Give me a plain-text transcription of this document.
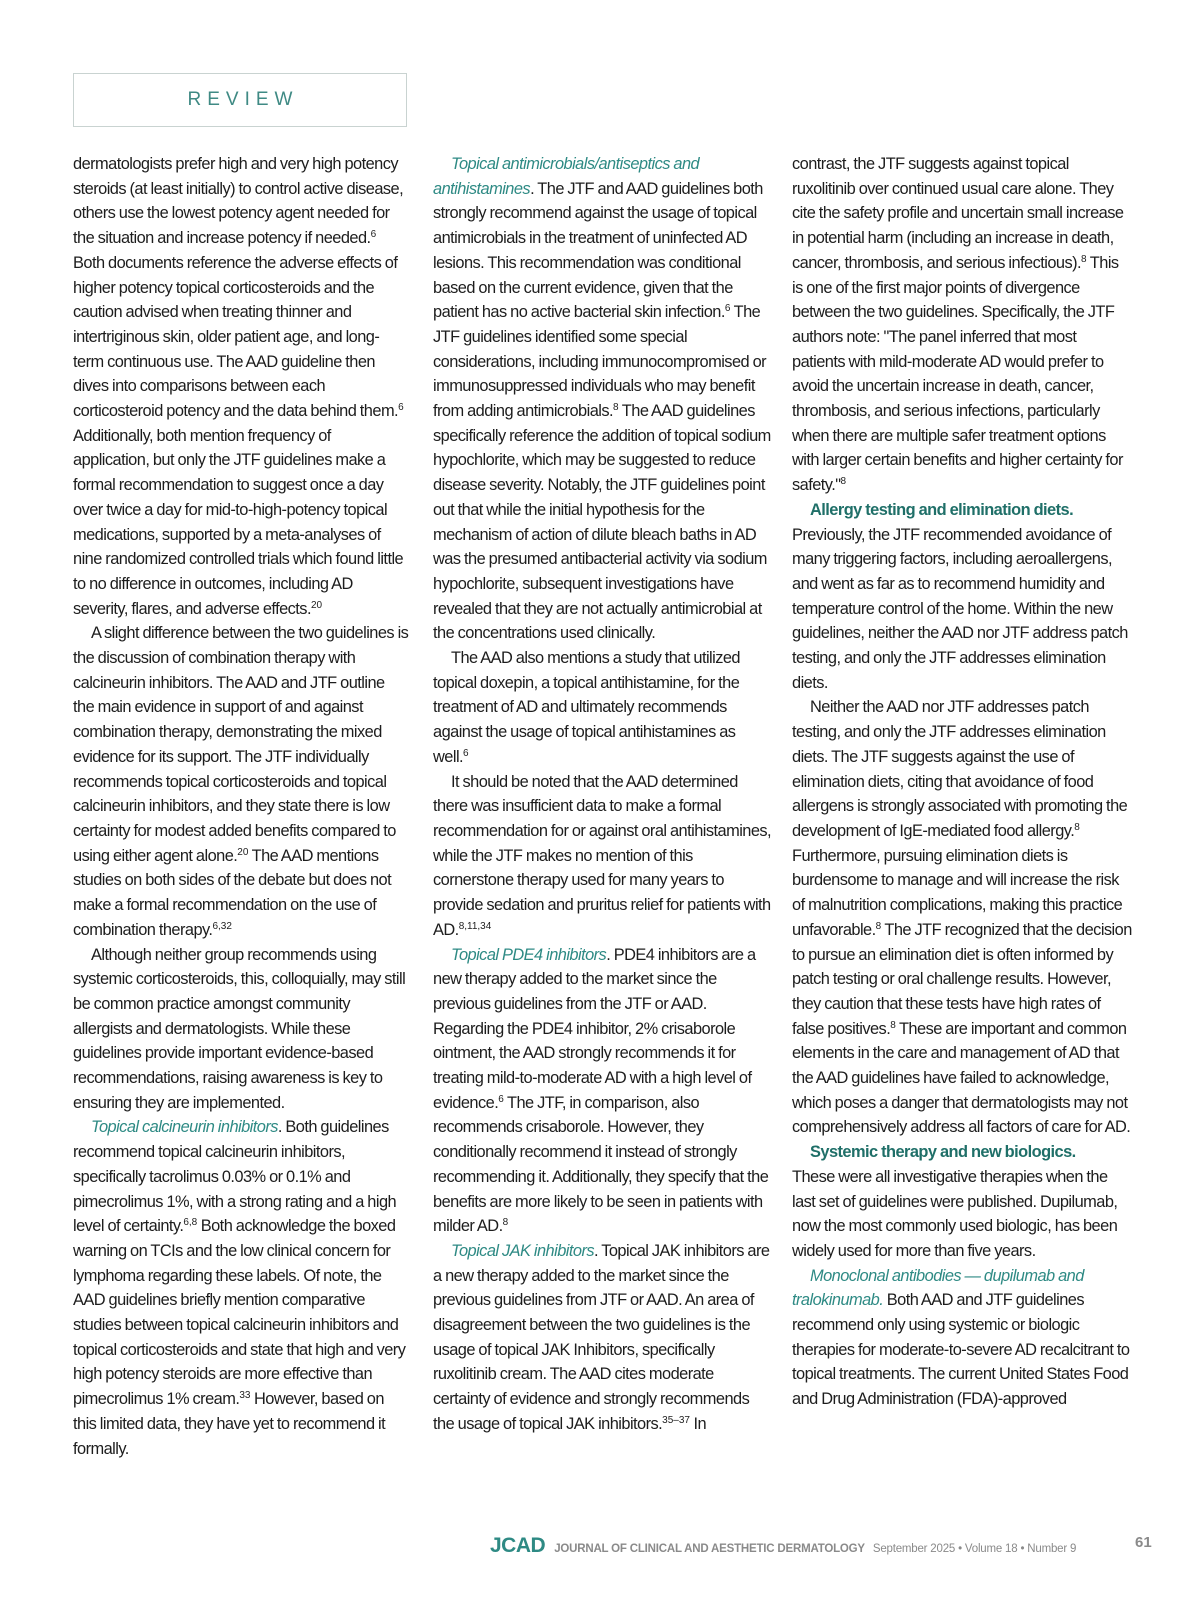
REVIEW

dermatologists prefer high and very high potency steroids (at least initially) to control active disease, others use the lowest potency agent needed for the situation and increase potency if needed.$^6$ Both documents reference the adverse effects of higher potency topical corticosteroids and the caution advised when treating thinner and intertriginous skin, older patient age, and long-term continuous use. The AAD guideline then dives into comparisons between each corticosteroid potency and the data behind them.$^6$ Additionally, both mention frequency of application, but only the JTF guidelines make a formal recommendation to suggest once a day over twice a day for mid-to-high-potency topical medications, supported by a meta-analyses of nine randomized controlled trials which found little to no difference in outcomes, including AD severity, flares, and adverse effects.$^{20}$

A slight difference between the two guidelines is the discussion of combination therapy with calcineurin inhibitors. The AAD and JTF outline the main evidence in support of and against combination therapy, demonstrating the mixed evidence for its support. The JTF individually recommends topical corticosteroids and topical calcineurin inhibitors, and they state there is low certainty for modest added benefits compared to using either agent alone.$^{20}$ The AAD mentions studies on both sides of the debate but does not make a formal recommendation on the use of combination therapy.$^{6,32}$

Although neither group recommends using systemic corticosteroids, this, colloquially, may still be common practice amongst community allergists and dermatologists. While these guidelines provide important evidence-based recommendations, raising awareness is key to ensuring they are implemented.

Topical calcineurin inhibitors. Both guidelines recommend topical calcineurin inhibitors, specifically tacrolimus 0.03% or 0.1% and pimecrolimus 1%, with a strong rating and a high level of certainty.$^{6,8}$ Both acknowledge the boxed warning on TCIs and the low clinical concern for lymphoma regarding these labels. Of note, the AAD guidelines briefly mention comparative studies between topical calcineurin inhibitors and topical corticosteroids and state that high and very high potency steroids are more effective than pimecrolimus 1% cream.$^{33}$ However, based on this limited data, they have yet to recommend it formally.

Topical antimicrobials/antiseptics and antihistamines. The JTF and AAD guidelines both strongly recommend against the usage of topical antimicrobials in the treatment of uninfected AD lesions. This recommendation was conditional based on the current evidence, given that the patient has no active bacterial skin infection.$^6$ The JTF guidelines identified some special considerations, including immunocompromised or immunosuppressed individuals who may benefit from adding antimicrobials.$^8$ The AAD guidelines specifically reference the addition of topical sodium hypochlorite, which may be suggested to reduce disease severity. Notably, the JTF guidelines point out that while the initial hypothesis for the mechanism of action of dilute bleach baths in AD was the presumed antibacterial activity via sodium hypochlorite, subsequent investigations have revealed that they are not actually antimicrobial at the concentrations used clinically.

The AAD also mentions a study that utilized topical doxepin, a topical antihistamine, for the treatment of AD and ultimately recommends against the usage of topical antihistamines as well.$^6$

It should be noted that the AAD determined there was insufficient data to make a formal recommendation for or against oral antihistamines, while the JTF makes no mention of this cornerstone therapy used for many years to provide sedation and pruritus relief for patients with AD.$^{8,11,34}$

Topical PDE4 inhibitors. PDE4 inhibitors are a new therapy added to the market since the previous guidelines from the JTF or AAD. Regarding the PDE4 inhibitor, 2% crisaborole ointment, the AAD strongly recommends it for treating mild-to-moderate AD with a high level of evidence.$^6$ The JTF, in comparison, also recommends crisaborole. However, they conditionally recommend it instead of strongly recommending it. Additionally, they specify that the benefits are more likely to be seen in patients with milder AD.$^8$

Topical JAK inhibitors. Topical JAK inhibitors are a new therapy added to the market since the previous guidelines from JTF or AAD. An area of disagreement between the two guidelines is the usage of topical JAK Inhibitors, specifically ruxolitinib cream. The AAD cites moderate certainty of evidence and strongly recommends the usage of topical JAK inhibitors.$^{35-37}$ In

contrast, the JTF suggests against topical ruxolitinib over continued usual care alone. They cite the safety profile and uncertain small increase in potential harm (including an increase in death, cancer, thrombosis, and serious infectious).$^8$ This is one of the first major points of divergence between the two guidelines. Specifically, the JTF authors note: "The panel inferred that most patients with mild-moderate AD would prefer to avoid the uncertain increase in death, cancer, thrombosis, and serious infections, particularly when there are multiple safer treatment options with larger certain benefits and higher certainty for safety."$^8$

Allergy testing and elimination diets.
Previously, the JTF recommended avoidance of many triggering factors, including aeroallergens, and went as far as to recommend humidity and temperature control of the home. Within the new guidelines, neither the AAD nor JTF address patch testing, and only the JTF addresses elimination diets.

Neither the AAD nor JTF addresses patch testing, and only the JTF addresses elimination diets. The JTF suggests against the use of elimination diets, citing that avoidance of food allergens is strongly associated with promoting the development of IgE-mediated food allergy.$^8$ Furthermore, pursuing elimination diets is burdensome to manage and will increase the risk of malnutrition complications, making this practice unfavorable.$^8$ The JTF recognized that the decision to pursue an elimination diet is often informed by patch testing or oral challenge results. However, they caution that these tests have high rates of false positives.$^8$ These are important and common elements in the care and management of AD that the AAD guidelines have failed to acknowledge, which poses a danger that dermatologists may not comprehensively address all factors of care for AD.

Systemic therapy and new biologics.
These were all investigative therapies when the last set of guidelines were published. Dupilumab, now the most commonly used biologic, has been widely used for more than five years.

Monoclonal antibodies — dupilumab and tralokinumab. Both AAD and JTF guidelines recommend only using systemic or biologic therapies for moderate-to-severe AD recalcitrant to topical treatments. The current United States Food and Drug Administration (FDA)-approved

JCAD JOURNAL OF CLINICAL AND AESTHETIC DERMATOLOGY September 2025 • Volume 18 • Number 9	61
